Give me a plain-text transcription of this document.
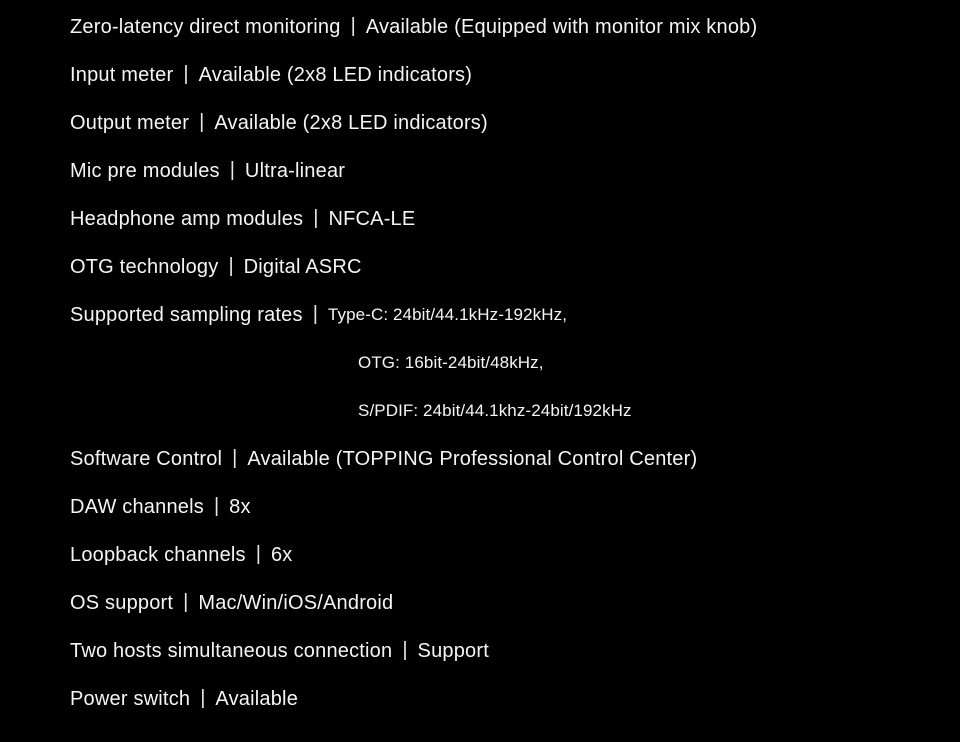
Zero-latency direct monitoring | Available (Equipped with monitor mix knob)
Input meter | Available (2x8 LED indicators)
Output meter | Available (2x8 LED indicators)
Mic pre modules | Ultra-linear
Headphone amp modules | NFCA-LE
OTG technology | Digital ASRC
Supported sampling rates | Type-C: 24bit/44.1kHz-192kHz,
OTG: 16bit-24bit/48kHz,
S/PDIF: 24bit/44.1khz-24bit/192kHz
Software Control | Available (TOPPING Professional Control Center)
DAW channels | 8x
Loopback channels | 6x
OS support | Mac/Win/iOS/Android
Two hosts simultaneous connection | Support
Power switch | Available
